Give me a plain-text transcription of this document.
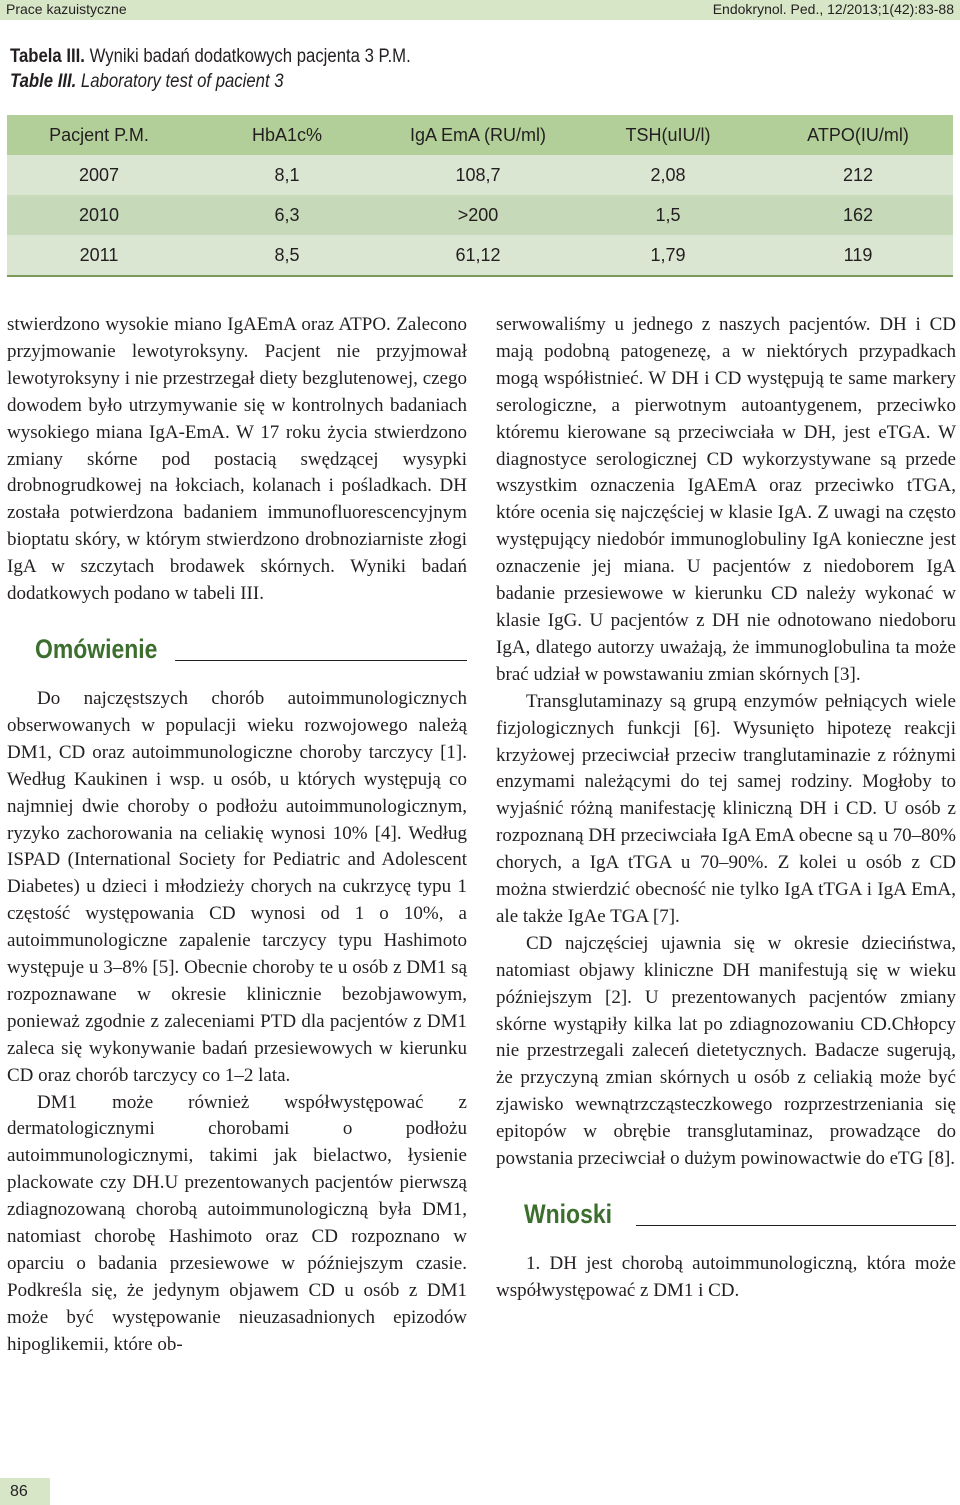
Prace kazuistyczne	Endokrynol. Ped., 12/2013;1(42):83-88
Tabela III. Wyniki badań dodatkowych pacjenta 3 P.M.
Table III. Laboratory test of pacient 3
Pacjent P.M.	HbA1c%	IgA EmA (RU/ml)	TSH(uIU/l)	ATPO(IU/ml)
2007	8,1	108,7	2,08	212
2010	6,3	>200	1,5	162
2011	8,5	61,12	1,79	119

stwierdzono wysokie miano IgAEmA oraz ATPO. Zalecono przyjmowanie lewotyroksyny. Pacjent nie przyjmował lewotyroksyny i nie przestrzegał diety bezglutenowej, czego dowodem było utrzymywanie się w kontrolnych badaniach wysokiego miana IgA-EmA. W 17 roku życia stwierdzono zmiany skórne pod postacią swędzącej wysypki drobnogrudkowej na łokciach, kolanach i pośladkach. DH została potwierdzona badaniem immunofluorescencyjnym bioptatu skóry, w którym stwierdzono drobnoziarniste złogi IgA w szczytach brodawek skórnych. Wyniki badań dodatkowych podano w tabeli III.

Omówienie

Do najczęstszych chorób autoimmunologicznych obserwowanych w populacji wieku rozwojowego należą DM1, CD oraz autoimmunologiczne choroby tarczycy [1]. Według Kaukinen i wsp. u osób, u których występują co najmniej dwie choroby o podłożu autoimmunologicznym, ryzyko zachorowania na celiakię wynosi 10% [4]. Według ISPAD (International Society for Pediatric and Adolescent Diabetes) u dzieci i młodzieży chorych na cukrzycę typu 1 częstość występowania CD wynosi od 1 o 10%, a autoimmunologiczne zapalenie tarczycy typu Hashimoto występuje u 3–8% [5]. Obecnie choroby te u osób z DM1 są rozpoznawane w okresie klinicznie bezobjawowym, ponieważ zgodnie z zaleceniami PTD dla pacjentów z DM1 zaleca się wykonywanie badań przesiewowych w kierunku CD oraz chorób tarczycy co 1–2 lata.

DM1 może również współwystępować z dermatologicznymi chorobami o podłożu autoimmunologicznymi, takimi jak bielactwo, łysienie plackowate czy DH.U prezentowanych pacjentów pierwszą zdiagnozowaną chorobą autoimmunologiczną była DM1, natomiast chorobę Hashimoto oraz CD rozpoznano w oparciu o badania przesiewowe w późniejszym czasie. Podkreśla się, że jedynym objawem CD u osób z DM1 może być występowanie nieuzasadnionych epizodów hipoglikemii, które ob-

serwowaliśmy u jednego z naszych pacjentów. DH i CD mają podobną patogenezę, a w niektórych przypadkach mogą współistnieć. W DH i CD występują te same markery serologiczne, a pierwotnym autoantygenem, przeciwko któremu kierowane są przeciwciała w DH, jest eTGA. W diagnostyce serologicznej CD wykorzystywane są przede wszystkim oznaczenia IgAEmA oraz przeciwko tTGA, które ocenia się najczęściej w klasie IgA. Z uwagi na często występujący niedobór immunoglobuliny IgA konieczne jest oznaczenie jej miana. U pacjentów z niedoborem IgA badanie przesiewowe w kierunku CD należy wykonać w klasie IgG. U pacjentów z DH nie odnotowano niedoboru IgA, dlatego autorzy uważają, że immunoglobulina ta może brać udział w powstawaniu zmian skórnych [3].

Transglutaminazy są grupą enzymów pełniących wiele fizjologicznych funkcji [6]. Wysunięto hipotezę reakcji krzyżowej przeciwciał przeciw tranglutaminazie z różnymi enzymami należącymi do tej samej rodziny. Mogłoby to wyjaśnić różną manifestację kliniczną DH i CD. U osób z rozpoznaną DH przeciwciała IgA EmA obecne są u 70–80% chorych, a IgA tTGA u 70–90%. Z kolei u osób z CD można stwierdzić obecność nie tylko IgA tTGA i IgA EmA, ale także IgAe TGA [7].

CD najczęściej ujawnia się w okresie dzieciństwa, natomiast objawy kliniczne DH manifestują się w wieku późniejszym [2]. U prezentowanych pacjentów zmiany skórne wystąpiły kilka lat po zdiagnozowaniu CD.Chłopcy nie przestrzegali zaleceń dietetycznych. Badacze sugerują, że przyczyną zmian skórnych u osób z celiakią może być zjawisko wewnątrzcząsteczkowego rozprzestrzeniania się epitopów w obrębie transglutaminaz, prowadzące do powstania przeciwciał o dużym powinowactwie do eTG [8].

Wnioski

1. DH jest chorobą autoimmunologiczną, która może współwystępować z DM1 i CD.

86
